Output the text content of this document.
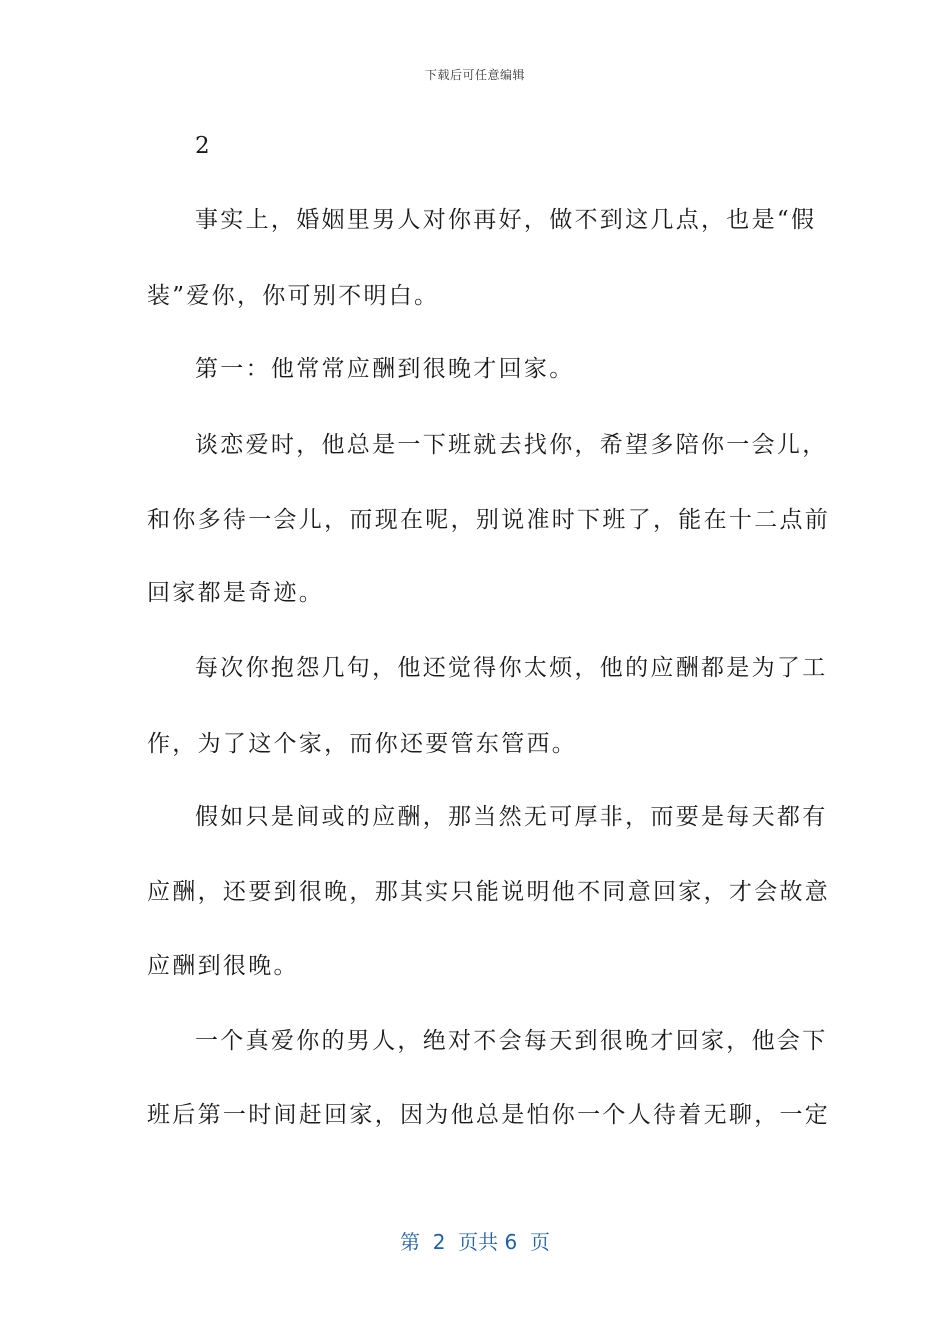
下载后可任意编辑
2
事实上，婚姻里男人对你再好，做不到这几点，也是“假
装”爱你，你可别不明白。
第一：他常常应酬到很晚才回家。
谈恋爱时，他总是一下班就去找你，希望多陪你一会儿，
和你多待一会儿，而现在呢，别说准时下班了，能在十二点前
回家都是奇迹。
每次你抱怨几句，他还觉得你太烦，他的应酬都是为了工
作，为了这个家，而你还要管东管西。
假如只是间或的应酬，那当然无可厚非，而要是每天都有
应酬，还要到很晚，那其实只能说明他不同意回家，才会故意
应酬到很晚。
一个真爱你的男人，绝对不会每天到很晚才回家，他会下
班后第一时间赶回家，因为他总是怕你一个人待着无聊，一定
第  2  页共 6  页
